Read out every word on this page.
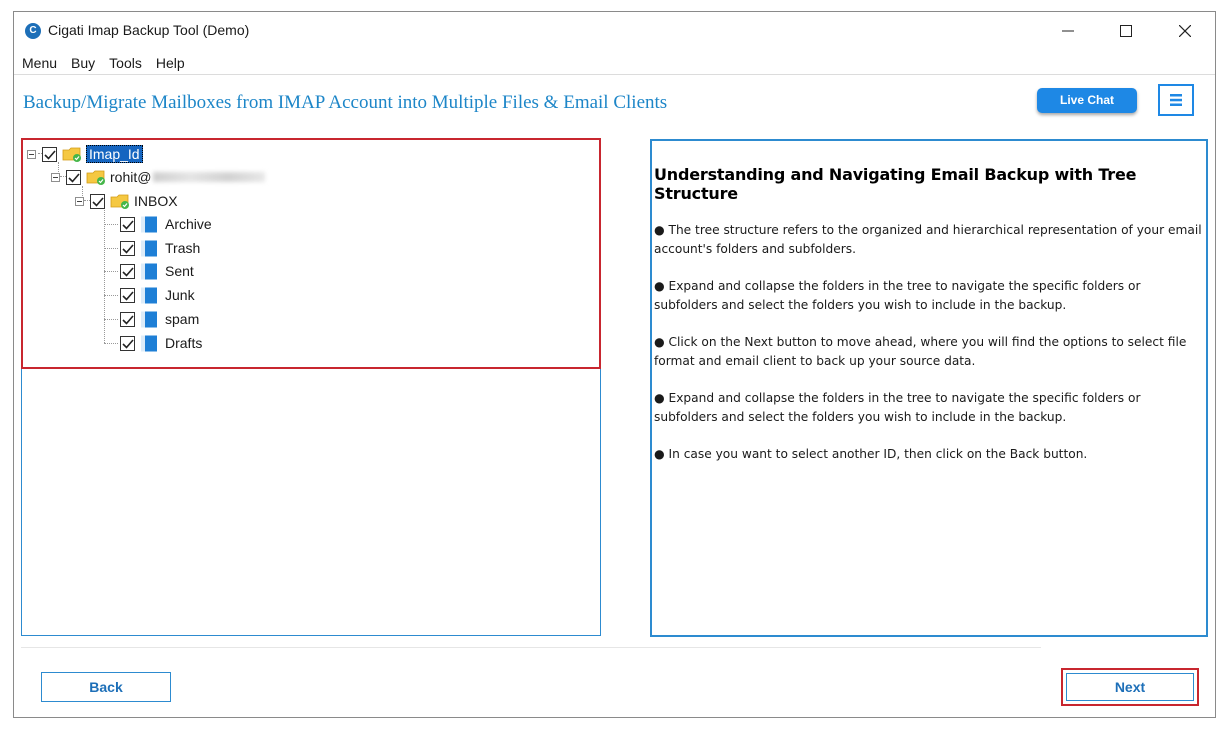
C Cigati Imap Backup Tool (Demo)
Menu	Buy	Tools	Help
Backup/Migrate Mailboxes from IMAP Account into Multiple Files & Email Clients	Live Chat
Imap_Id
rohit@
INBOX
Archive
Trash
Sent
Junk
spam
Drafts
Understanding and Navigating Email Backup with Tree Structure
● The tree structure refers to the organized and hierarchical representation of your email account's folders and subfolders.
● Expand and collapse the folders in the tree to navigate the specific folders or subfolders and select the folders you wish to include in the backup.
● Click on the Next button to move ahead, where you will find the options to select file format and email client to back up your source data.
● Expand and collapse the folders in the tree to navigate the specific folders or subfolders and select the folders you wish to include in the backup.
● In case you want to select another ID, then click on the Back button.
Back	Next
